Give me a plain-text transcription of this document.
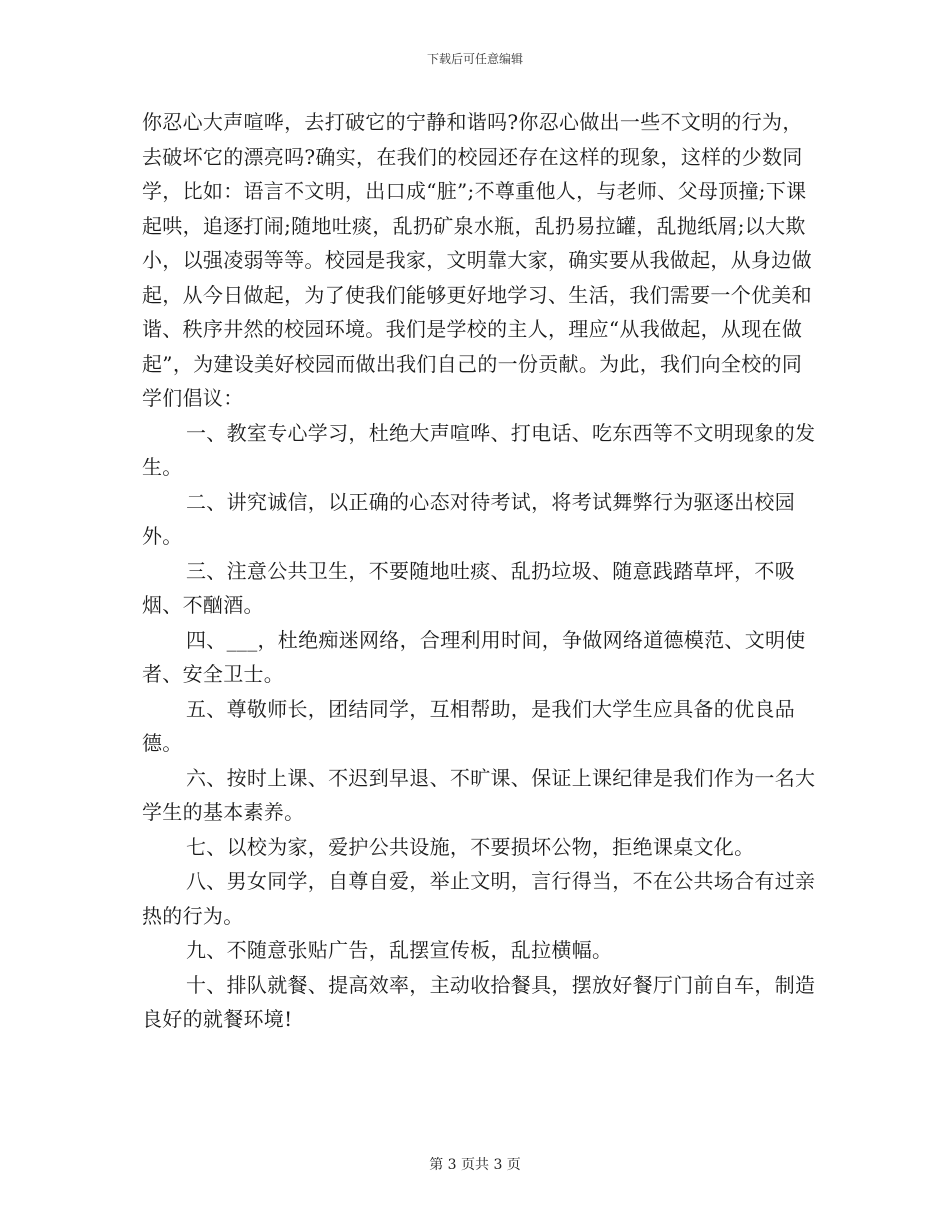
下载后可任意编辑

你忍心大声喧哗，去打破它的宁静和谐吗?你忍心做出一些不文明的行为，去破坏它的漂亮吗?确实，在我们的校园还存在这样的现象，这样的少数同学，比如：语言不文明，出口成“脏”;不尊重他人，与老师、父母顶撞;下课起哄，追逐打闹;随地吐痰，乱扔矿泉水瓶，乱扔易拉罐，乱抛纸屑;以大欺小，以强凌弱等等。校园是我家，文明靠大家，确实要从我做起，从身边做起，从今日做起，为了使我们能够更好地学习、生活，我们需要一个优美和谐、秩序井然的校园环境。我们是学校的主人，理应“从我做起，从现在做起”，为建设美好校园而做出我们自己的一份贡献。为此，我们向全校的同学们倡议：

一、教室专心学习，杜绝大声喧哗、打电话、吃东西等不文明现象的发生。

二、讲究诚信，以正确的心态对待考试，将考试舞弊行为驱逐出校园外。

三、注意公共卫生，不要随地吐痰、乱扔垃圾、随意践踏草坪，不吸烟、不酗酒。

四、___，杜绝痴迷网络，合理利用时间，争做网络道德模范、文明使者、安全卫士。

五、尊敬师长，团结同学，互相帮助，是我们大学生应具备的优良品德。

六、按时上课、不迟到早退、不旷课、保证上课纪律是我们作为一名大学生的基本素养。

七、以校为家，爱护公共设施，不要损坏公物，拒绝课桌文化。

八、男女同学，自尊自爱，举止文明，言行得当，不在公共场合有过亲热的行为。

九、不随意张贴广告，乱摆宣传板，乱拉横幅。

十、排队就餐、提高效率，主动收拾餐具，摆放好餐厅门前自车，制造良好的就餐环境!

第 3 页共 3 页
